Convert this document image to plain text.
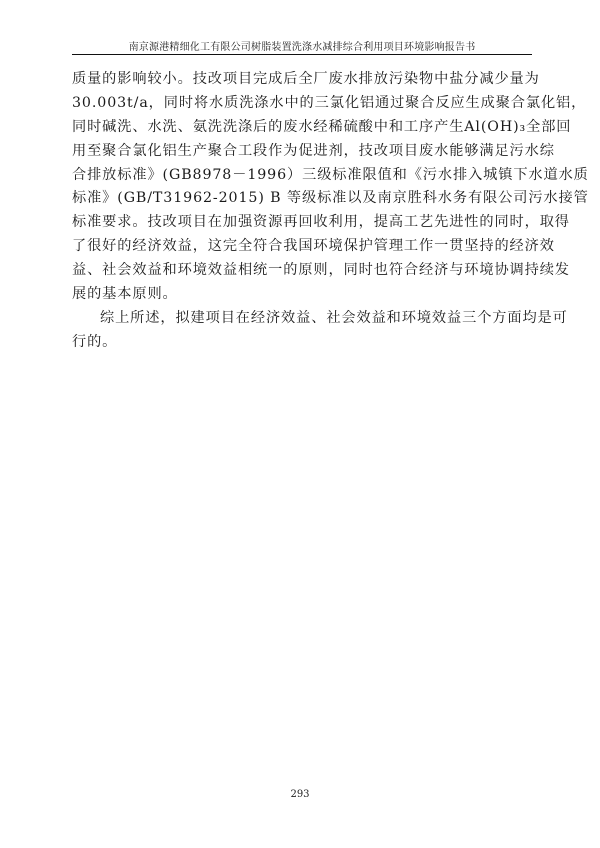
南京源港精细化工有限公司树脂装置洗涤水减排综合利用项目环境影响报告书
质量的影响较小。技改项目完成后全厂废水排放污染物中盐分减少量为
30.003t/a，同时将水质洗涤水中的三氯化铝通过聚合反应生成聚合氯化铝，
同时碱洗、水洗、氨洗洗涤后的废水经稀硫酸中和工序产生Al(OH)₃全部回
用至聚合氯化铝生产聚合工段作为促进剂，技改项目废水能够满足污水综
合排放标准》(GB8978－1996）三级标准限值和《污水排入城镇下水道水质
标准》(GB/T31962-2015) B 等级标准以及南京胜科水务有限公司污水接管
标准要求。技改项目在加强资源再回收利用，提高工艺先进性的同时，取得
了很好的经济效益，这完全符合我国环境保护管理工作一贯坚持的经济效
益、社会效益和环境效益相统一的原则，同时也符合经济与环境协调持续发
展的基本原则。
综上所述，拟建项目在经济效益、社会效益和环境效益三个方面均是可
行的。
293
